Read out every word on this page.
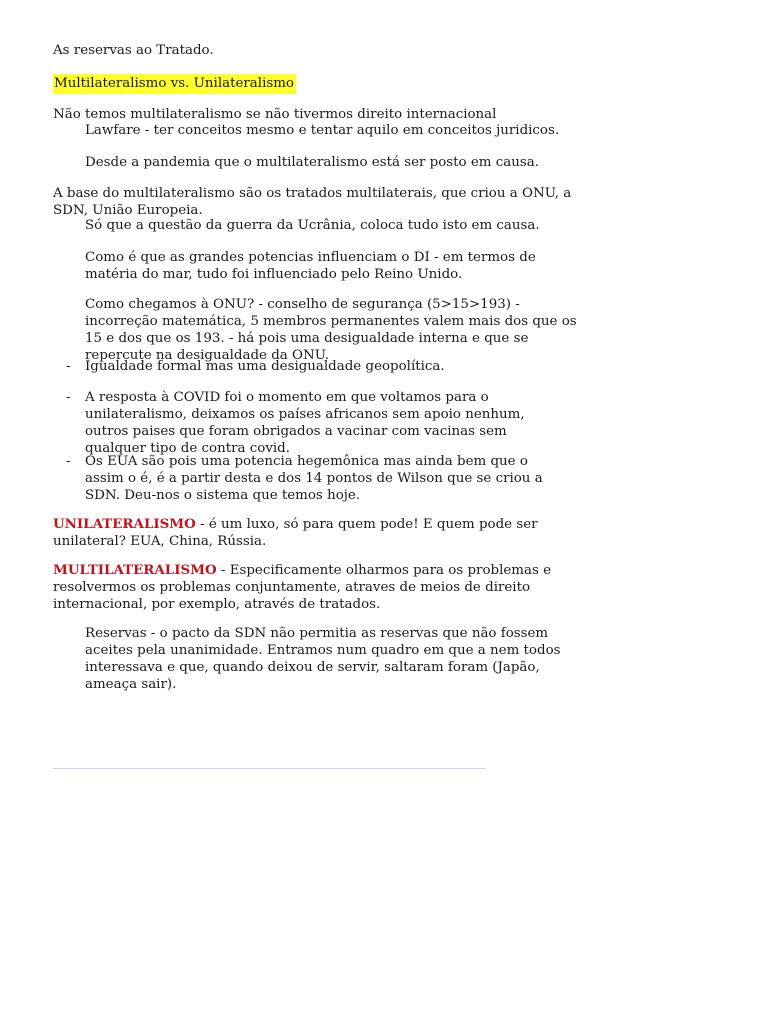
As reservas ao Tratado.

Multilateralismo vs. Unilateralismo

Não temos multilateralismo se não tivermos direito internacional

Lawfare - ter conceitos mesmo e tentar aquilo em conceitos juridicos.

Desde a pandemia que o multilateralismo está ser posto em causa.

A base do multilateralismo são os tratados multilaterais, que criou a ONU, a SDN, União Europeia.

Só que a questão da guerra da Ucrânia, coloca tudo isto em causa.

Como é que as grandes potencias influenciam o DI - em termos de matéria do mar, tudo foi influenciado pelo Reino Unido.

Como chegamos à ONU? - conselho de segurança (5>15>193) - incorreção matemática, 5 membros permanentes valem mais dos que os 15 e dos que os 193. - há pois uma desigualdade interna e que se repercute na desigualdade da ONU.

- Igualdade formal mas uma desigualdade geopolítica.

- A resposta à COVID foi o momento em que voltamos para o unilateralismo, deixamos os países africanos sem apoio nenhum, outros paises que foram obrigados a vacinar com vacinas sem qualquer tipo de contra covid.

- Os EUA são pois uma potencia hegemônica mas ainda bem que o assim o é, é a partir desta e dos 14 pontos de Wilson que se criou a SDN. Deu-nos o sistema que temos hoje.

UNILATERALISMO - é um luxo, só para quem pode! E quem pode ser unilateral? EUA, China, Rússia.

MULTILATERALISMO - Especificamente olharmos para os problemas e resolvermos os problemas conjuntamente, atraves de meios de direito internacional, por exemplo, através de tratados.

Reservas - o pacto da SDN não permitia as reservas que não fossem aceites pela unanimidade. Entramos num quadro em que a nem todos interessava e que, quando deixou de servir, saltaram foram (Japão, ameaça sair).
